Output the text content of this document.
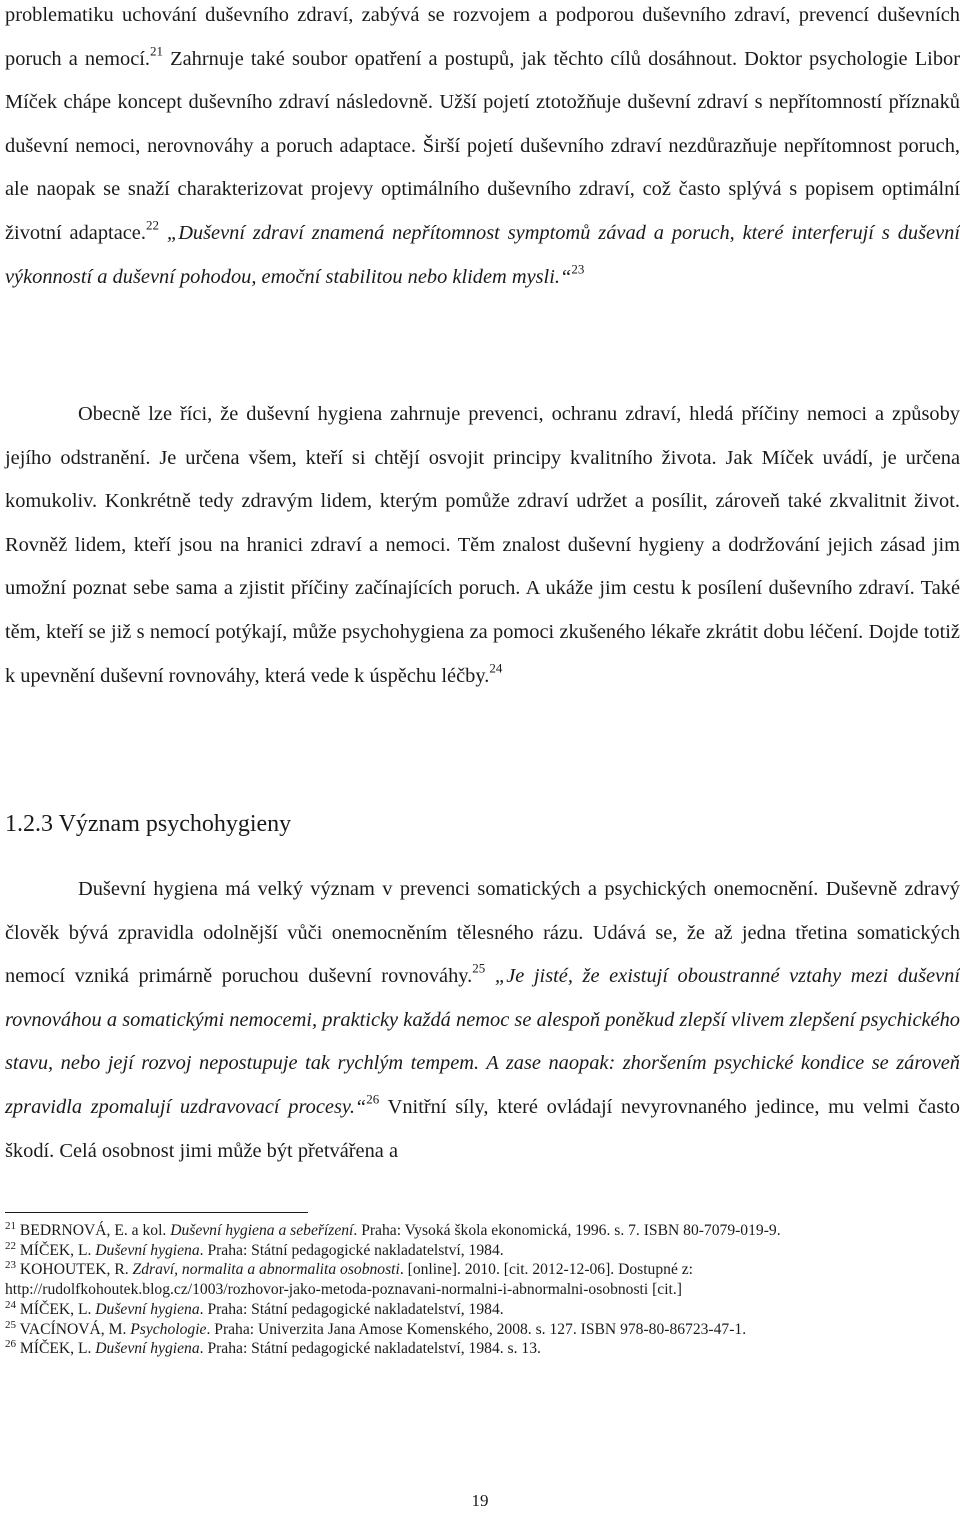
problematiku uchování duševního zdraví, zabývá se rozvojem a podporou duševního zdraví, prevencí duševních poruch a nemocí.$^{21}$ Zahrnuje také soubor opatření a postupů, jak těchto cílů dosáhnout. Doktor psychologie Libor Míček chápe koncept duševního zdraví následovně. Užší pojetí ztotožňuje duševní zdraví s nepřítomností příznaků duševní nemoci, nerovnováhy a poruch adaptace. Širší pojetí duševního zdraví nezdůrazňuje nepřítomnost poruch, ale naopak se snaží charakterizovat projevy optimálního duševního zdraví, což často splývá s popisem optimální životní adaptace.$^{22}$ „Duševní zdraví znamená nepřítomnost symptomů závad a poruch, které interferují s duševní výkonností a duševní pohodou, emoční stabilitou nebo klidem mysli.“$^{23}$

Obecně lze říci, že duševní hygiena zahrnuje prevenci, ochranu zdraví, hledá příčiny nemoci a způsoby jejího odstranění. Je určena všem, kteří si chtějí osvojit principy kvalitního života. Jak Míček uvádí, je určena komukoliv. Konkrétně tedy zdravým lidem, kterým pomůže zdraví udržet a posílit, zároveň také zkvalitnit život. Rovněž lidem, kteří jsou na hranici zdraví a nemoci. Těm znalost duševní hygieny a dodržování jejich zásad jim umožní poznat sebe sama a zjistit příčiny začínajících poruch. A ukáže jim cestu k posílení duševního zdraví. Také těm, kteří se již s nemocí potýkají, může psychohygiena za pomoci zkušeného lékaře zkrátit dobu léčení. Dojde totiž k upevnění duševní rovnováhy, která vede k úspěchu léčby.$^{24}$

1.2.3 Význam psychohygieny

Duševní hygiena má velký význam v prevenci somatických a psychických onemocnění. Duševně zdravý člověk bývá zpravidla odolnější vůči onemocněním tělesného rázu. Udává se, že až jedna třetina somatických nemocí vzniká primárně poruchou duševní rovnováhy.$^{25}$ „Je jisté, že existují oboustranné vztahy mezi duševní rovnováhou a somatickými nemocemi, prakticky každá nemoc se alespoň poněkud zlepší vlivem zlepšení psychického stavu, nebo její rozvoj nepostupuje tak rychlým tempem. A zase naopak: zhoršením psychické kondice se zároveň zpravidla zpomalují uzdravovací procesy.“$^{26}$ Vnitřní síly, které ovládají nevyrovnaného jedince, mu velmi často škodí. Celá osobnost jimi může být přetvářena a

$^{21}$ BEDRNOVÁ, E. a kol. Duševní hygiena a sebeřízení. Praha: Vysoká škola ekonomická, 1996. s. 7. ISBN 80-7079-019-9.
$^{22}$ MÍČEK, L. Duševní hygiena. Praha: Státní pedagogické nakladatelství, 1984.
$^{23}$ KOHOUTEK, R. Zdraví, normalita a abnormalita osobnosti. [online]. 2010. [cit. 2012-12-06]. Dostupné z: http://rudolfkohoutek.blog.cz/1003/rozhovor-jako-metoda-poznavani-normalni-i-abnormalni-osobnosti [cit.]
$^{24}$ MÍČEK, L. Duševní hygiena. Praha: Státní pedagogické nakladatelství, 1984.
$^{25}$ VACÍNOVÁ, M. Psychologie. Praha: Univerzita Jana Amose Komenského, 2008. s. 127. ISBN 978-80-86723-47-1.
$^{26}$ MÍČEK, L. Duševní hygiena. Praha: Státní pedagogické nakladatelství, 1984. s. 13.
19
